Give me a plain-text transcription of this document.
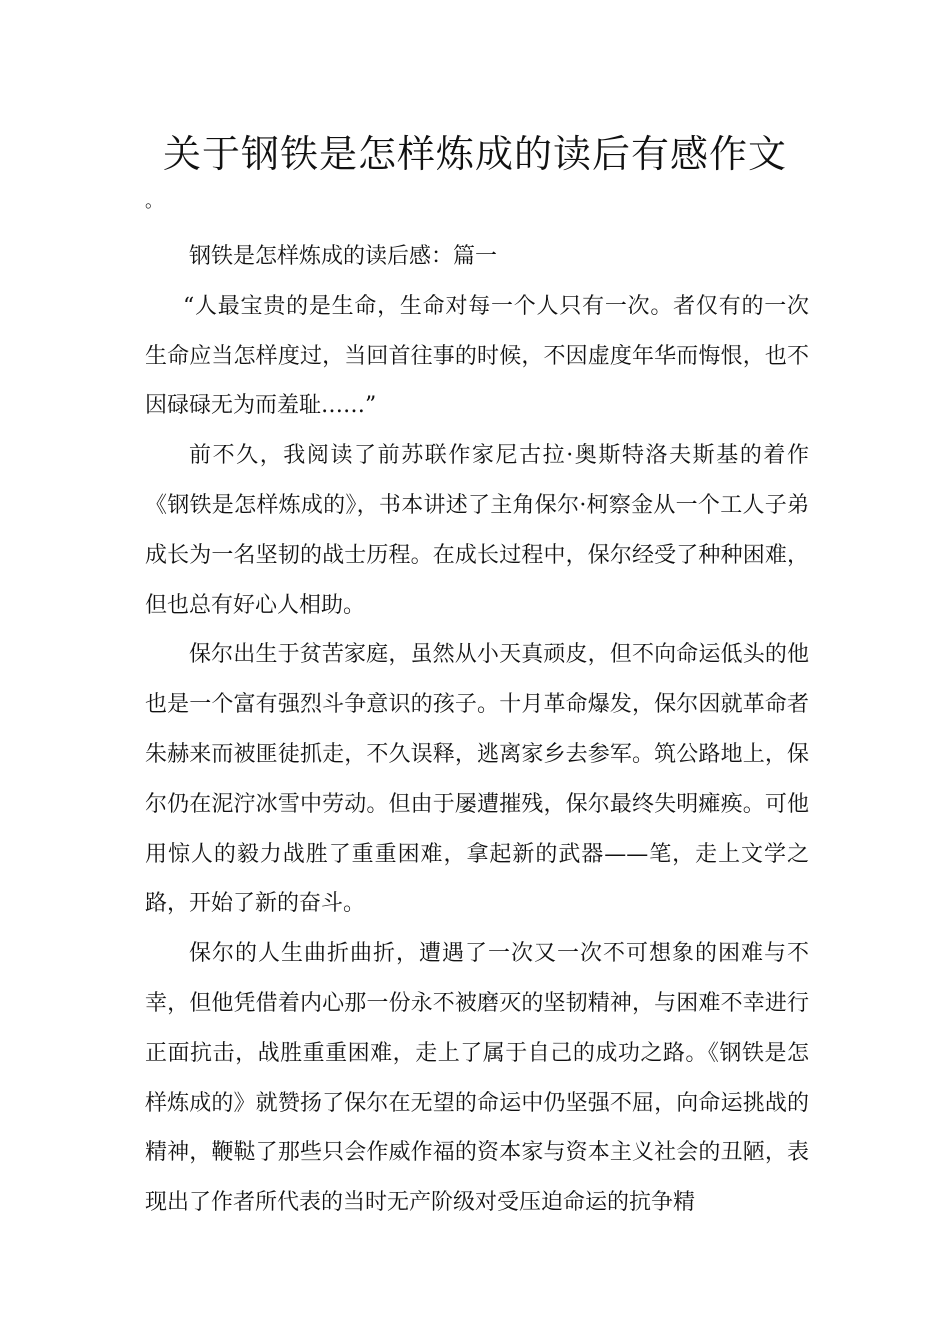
关于钢铁是怎样炼成的读后有感作文
。

钢铁是怎样炼成的读后感：篇一

“人最宝贵的是生命，生命对每一个人只有一次。者仅有的一次生命应当怎样度过，当回首往事的时候，不因虚度年华而悔恨，也不因碌碌无为而羞耻……”

前不久，我阅读了前苏联作家尼古拉·奥斯特洛夫斯基的着作《钢铁是怎样炼成的》，书本讲述了主角保尔·柯察金从一个工人子弟成长为一名坚韧的战士历程。在成长过程中，保尔经受了种种困难，但也总有好心人相助。

保尔出生于贫苦家庭，虽然从小天真顽皮，但不向命运低头的他也是一个富有强烈斗争意识的孩子。十月革命爆发，保尔因就革命者朱赫来而被匪徒抓走，不久误释，逃离家乡去参军。筑公路地上，保尔仍在泥泞冰雪中劳动。但由于屡遭摧残，保尔最终失明瘫痪。可他用惊人的毅力战胜了重重困难，拿起新的武器——笔，走上文学之路，开始了新的奋斗。

保尔的人生曲折曲折，遭遇了一次又一次不可想象的困难与不幸，但他凭借着内心那一份永不被磨灭的坚韧精神，与困难不幸进行正面抗击，战胜重重困难，走上了属于自己的成功之路。《钢铁是怎样炼成的》就赞扬了保尔在无望的命运中仍坚强不屈，向命运挑战的精神，鞭鞑了那些只会作威作福的资本家与资本主义社会的丑陋，表现出了作者所代表的当时无产阶级对受压迫命运的抗争精
